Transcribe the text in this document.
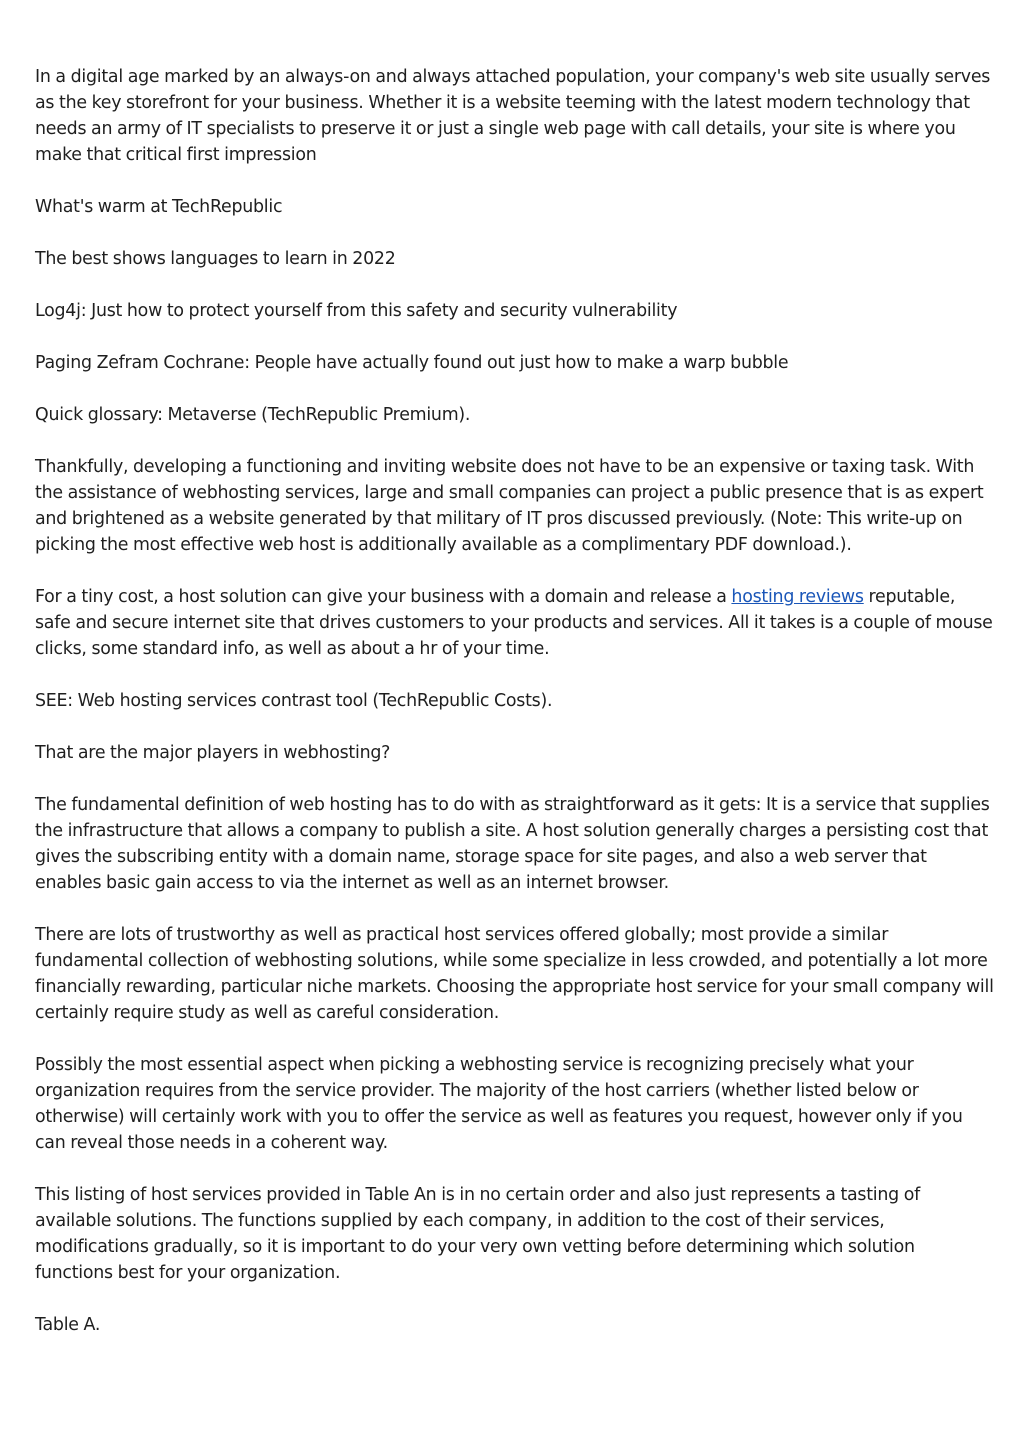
In a digital age marked by an always-on and always attached population, your company's web site usually serves as the key storefront for your business. Whether it is a website teeming with the latest modern technology that needs an army of IT specialists to preserve it or just a single web page with call details, your site is where you make that critical first impression

What's warm at TechRepublic

The best shows languages to learn in 2022

Log4j: Just how to protect yourself from this safety and security vulnerability

Paging Zefram Cochrane: People have actually found out just how to make a warp bubble

Quick glossary: Metaverse (TechRepublic Premium).

Thankfully, developing a functioning and inviting website does not have to be an expensive or taxing task. With the assistance of webhosting services, large and small companies can project a public presence that is as expert and brightened as a website generated by that military of IT pros discussed previously. (Note: This write-up on picking the most effective web host is additionally available as a complimentary PDF download.).

For a tiny cost, a host solution can give your business with a domain and release a hosting reviews reputable, safe and secure internet site that drives customers to your products and services. All it takes is a couple of mouse clicks, some standard info, as well as about a hr of your time.

SEE: Web hosting services contrast tool (TechRepublic Costs).

That are the major players in webhosting?

The fundamental definition of web hosting has to do with as straightforward as it gets: It is a service that supplies the infrastructure that allows a company to publish a site. A host solution generally charges a persisting cost that gives the subscribing entity with a domain name, storage space for site pages, and also a web server that enables basic gain access to via the internet as well as an internet browser.

There are lots of trustworthy as well as practical host services offered globally; most provide a similar fundamental collection of webhosting solutions, while some specialize in less crowded, and potentially a lot more financially rewarding, particular niche markets. Choosing the appropriate host service for your small company will certainly require study as well as careful consideration.

Possibly the most essential aspect when picking a webhosting service is recognizing precisely what your organization requires from the service provider. The majority of the host carriers (whether listed below or otherwise) will certainly work with you to offer the service as well as features you request, however only if you can reveal those needs in a coherent way.

This listing of host services provided in Table An is in no certain order and also just represents a tasting of available solutions. The functions supplied by each company, in addition to the cost of their services, modifications gradually, so it is important to do your very own vetting before determining which solution functions best for your organization.

Table A.
